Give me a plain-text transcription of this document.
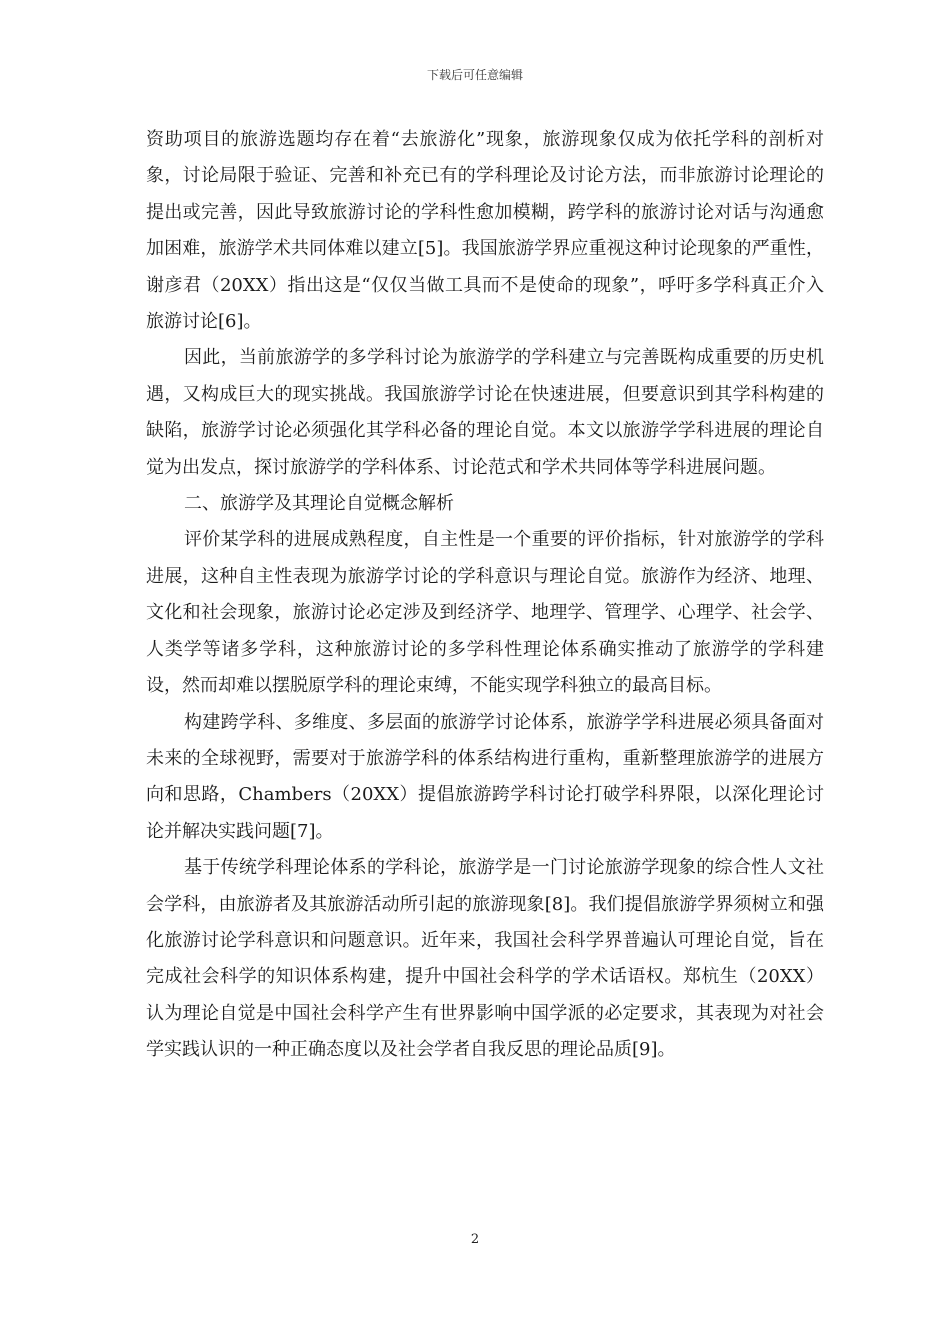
下载后可任意编辑

资助项目的旅游选题均存在着“去旅游化”现象，旅游现象仅成为依托学科的剖析对象，讨论局限于验证、完善和补充已有的学科理论及讨论方法，而非旅游讨论理论的提出或完善，因此导致旅游讨论的学科性愈加模糊，跨学科的旅游讨论对话与沟通愈加困难，旅游学术共同体难以建立[5]。我国旅游学界应重视这种讨论现象的严重性，谢彦君（20XX）指出这是“仅仅当做工具而不是使命的现象”，呼吁多学科真正介入旅游讨论[6]。

因此，当前旅游学的多学科讨论为旅游学的学科建立与完善既构成重要的历史机遇，又构成巨大的现实挑战。我国旅游学讨论在快速进展，但要意识到其学科构建的缺陷，旅游学讨论必须强化其学科必备的理论自觉。本文以旅游学学科进展的理论自觉为出发点，探讨旅游学的学科体系、讨论范式和学术共同体等学科进展问题。

二、旅游学及其理论自觉概念解析

评价某学科的进展成熟程度，自主性是一个重要的评价指标，针对旅游学的学科进展，这种自主性表现为旅游学讨论的学科意识与理论自觉。旅游作为经济、地理、文化和社会现象，旅游讨论必定涉及到经济学、地理学、管理学、心理学、社会学、人类学等诸多学科，这种旅游讨论的多学科性理论体系确实推动了旅游学的学科建设，然而却难以摆脱原学科的理论束缚，不能实现学科独立的最高目标。

构建跨学科、多维度、多层面的旅游学讨论体系，旅游学学科进展必须具备面对未来的全球视野，需要对于旅游学科的体系结构进行重构，重新整理旅游学的进展方向和思路，Chambers（20XX）提倡旅游跨学科讨论打破学科界限，以深化理论讨论并解决实践问题[7]。

基于传统学科理论体系的学科论，旅游学是一门讨论旅游学现象的综合性人文社会学科，由旅游者及其旅游活动所引起的旅游现象[8]。我们提倡旅游学界须树立和强化旅游讨论学科意识和问题意识。近年来，我国社会科学界普遍认可理论自觉，旨在完成社会科学的知识体系构建，提升中国社会科学的学术话语权。郑杭生（20XX）认为理论自觉是中国社会科学产生有世界影响中国学派的必定要求，其表现为对社会学实践认识的一种正确态度以及社会学者自我反思的理论品质[9]。

2
